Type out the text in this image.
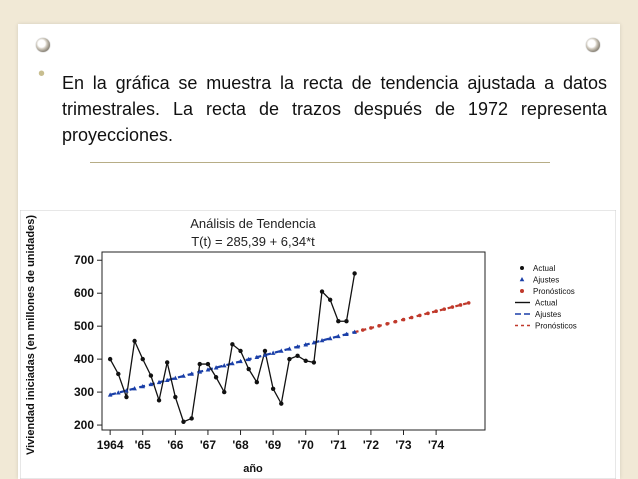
• En la gráfica se muestra la recta de tendencia ajustada a datos trimestrales. La recta de trazos después de 1972 representa proyecciones.

Análisis de Tendencia
T(t) = 285,39 + 6,34*t
Viviendad iniciadas (en millones de unidades)
año
200
300
400
500
600
700
1964 '65 '66 '67 '68 '69 '70 '71 '72 '73 '74
Actual
Ajustes
Pronósticos
Actual
Ajustes
Pronósticos
